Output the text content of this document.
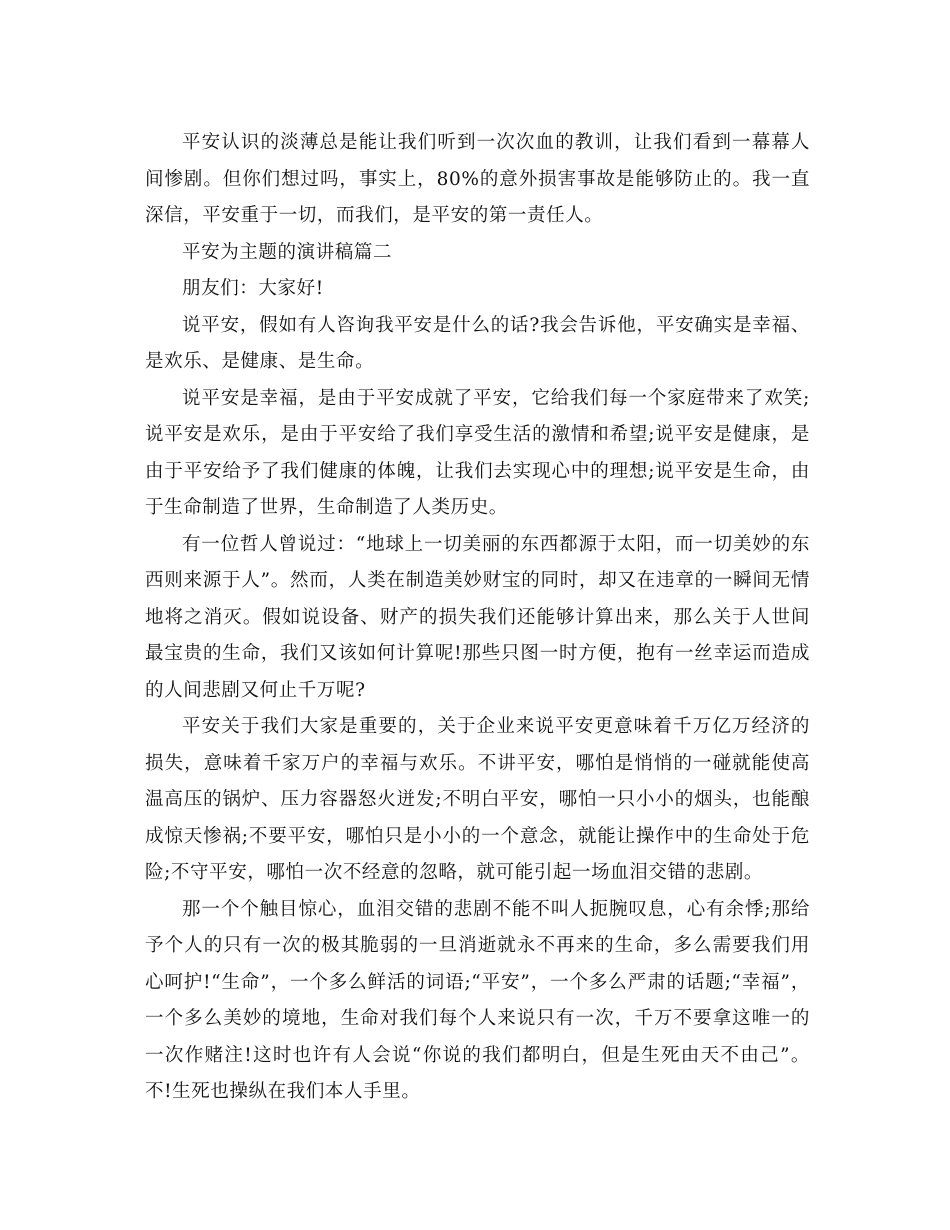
平安认识的淡薄总是能让我们听到一次次血的教训，让我们看到一幕幕人间惨剧。但你们想过吗，事实上，80%的意外损害事故是能够防止的。我一直深信，平安重于一切，而我们，是平安的第一责任人。

平安为主题的演讲稿篇二

朋友们：大家好!

说平安，假如有人咨询我平安是什么的话?我会告诉他，平安确实是幸福、是欢乐、是健康、是生命。

说平安是幸福，是由于平安成就了平安，它给我们每一个家庭带来了欢笑;说平安是欢乐，是由于平安给了我们享受生活的激情和希望;说平安是健康，是由于平安给予了我们健康的体魄，让我们去实现心中的理想;说平安是生命，由于生命制造了世界，生命制造了人类历史。

有一位哲人曾说过：“地球上一切美丽的东西都源于太阳，而一切美妙的东西则来源于人”。然而，人类在制造美妙财宝的同时，却又在违章的一瞬间无情地将之消灭。假如说设备、财产的损失我们还能够计算出来，那么关于人世间最宝贵的生命，我们又该如何计算呢!那些只图一时方便，抱有一丝幸运而造成的人间悲剧又何止千万呢?

平安关于我们大家是重要的，关于企业来说平安更意味着千万亿万经济的损失，意味着千家万户的幸福与欢乐。不讲平安，哪怕是悄悄的一碰就能使高温高压的锅炉、压力容器怒火迸发;不明白平安，哪怕一只小小的烟头，也能酿成惊天惨祸;不要平安，哪怕只是小小的一个意念，就能让操作中的生命处于危险;不守平安，哪怕一次不经意的忽略，就可能引起一场血泪交错的悲剧。

那一个个触目惊心，血泪交错的悲剧不能不叫人扼腕叹息，心有余悸;那给予个人的只有一次的极其脆弱的一旦消逝就永不再来的生命，多么需要我们用心呵护!“生命”，一个多么鲜活的词语;“平安”，一个多么严肃的话题;“幸福”，一个多么美妙的境地，生命对我们每个人来说只有一次，千万不要拿这唯一的一次作赌注!这时也许有人会说“你说的我们都明白，但是生死由天不由己”。不!生死也操纵在我们本人手里。
